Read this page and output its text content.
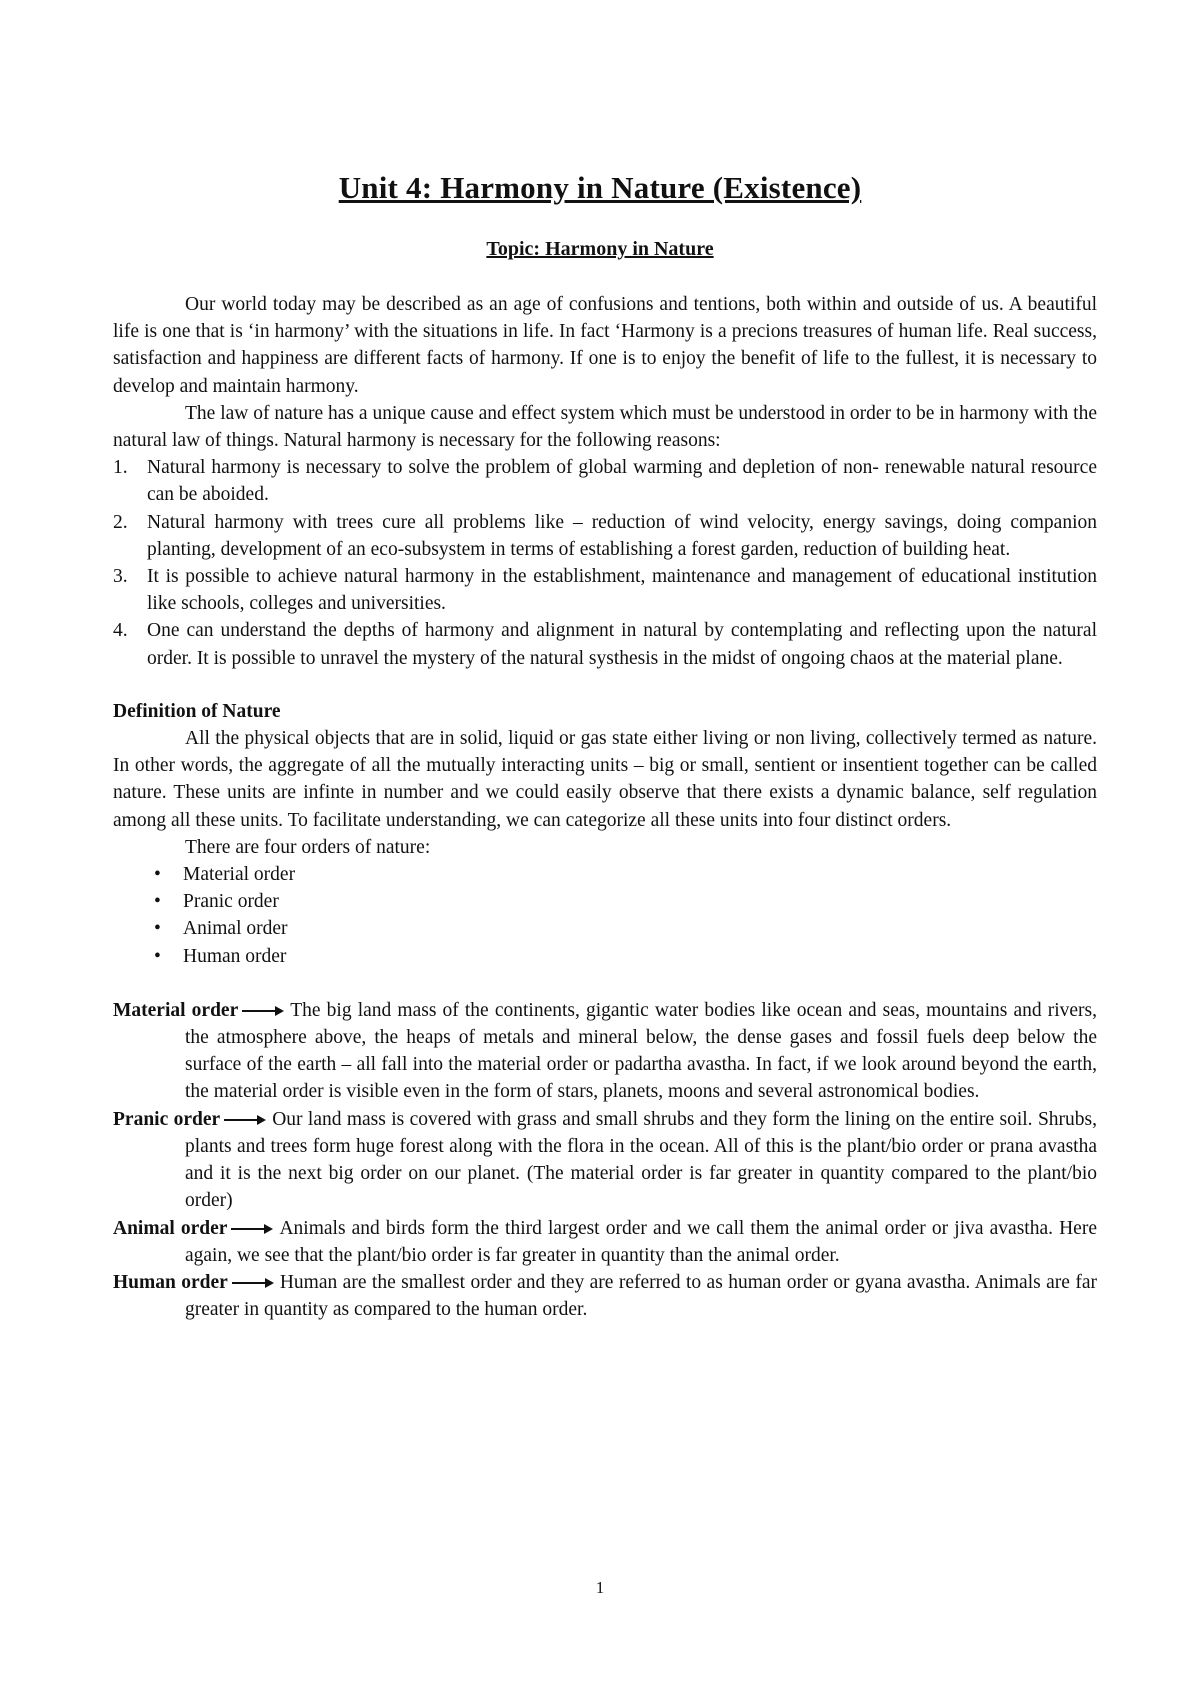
Unit 4: Harmony in Nature (Existence)
Topic: Harmony in Nature

Our world today may be described as an age of confusions and tentions, both within and outside of us. A beautiful life is one that is ‘in harmony’ with the situations in life. In fact ‘Harmony is a precions treasures of human life. Real success, satisfaction and happiness are different facts of harmony. If one is to enjoy the benefit of life to the fullest, it is necessary to develop and maintain harmony.

The law of nature has a unique cause and effect system which must be understood in order to be in harmony with the natural law of things. Natural harmony is necessary for the following reasons:

1. Natural harmony is necessary to solve the problem of global warming and depletion of non- renewable natural resource can be aboided.
2. Natural harmony with trees cure all problems like – reduction of wind velocity, energy savings, doing companion planting, development of an eco-subsystem in terms of establishing a forest garden, reduction of building heat.
3. It is possible to achieve natural harmony in the establishment, maintenance and management of educational institution like schools, colleges and universities.
4. One can understand the depths of harmony and alignment in natural by contemplating and reflecting upon the natural order. It is possible to unravel the mystery of the natural systhesis in the midst of ongoing chaos at the material plane.
Definition of Nature

All the physical objects that are in solid, liquid or gas state either living or non living, collectively termed as nature. In other words, the aggregate of all the mutually interacting units – big or small, sentient or insentient together can be called nature. These units are infinte in number and we could easily observe that there exists a dynamic balance, self regulation among all these units. To facilitate understanding, we can categorize all these units into four distinct orders.

There are four orders of nature:

• Material order
• Pranic order
• Animal order
• Human order
Material order	The big land mass of the continents, gigantic water bodies like ocean and seas, mountains and rivers, the atmosphere above, the heaps of metals and mineral below, the dense gases and fossil fuels deep below the surface of the earth – all fall into the material order or padartha avastha. In fact, if we look around beyond the earth, the material order is visible even in the form of stars, planets, moons and several astronomical bodies.
Pranic order	Our land mass is covered with grass and small shrubs and they form the lining on the entire soil. Shrubs, plants and trees form huge forest along with the flora in the ocean. All of this is the plant/bio order or prana avastha and it is the next big order on our planet. (The material order is far greater in quantity compared to the plant/bio order)
Animal order	Animals and birds form the third largest order and we call them the animal order or jiva avastha. Here again, we see that the plant/bio order is far greater in quantity than the animal order.
Human order	Human are the smallest order and they are referred to as human order or gyana avastha. Animals are far greater in quantity as compared to the human order.
1
